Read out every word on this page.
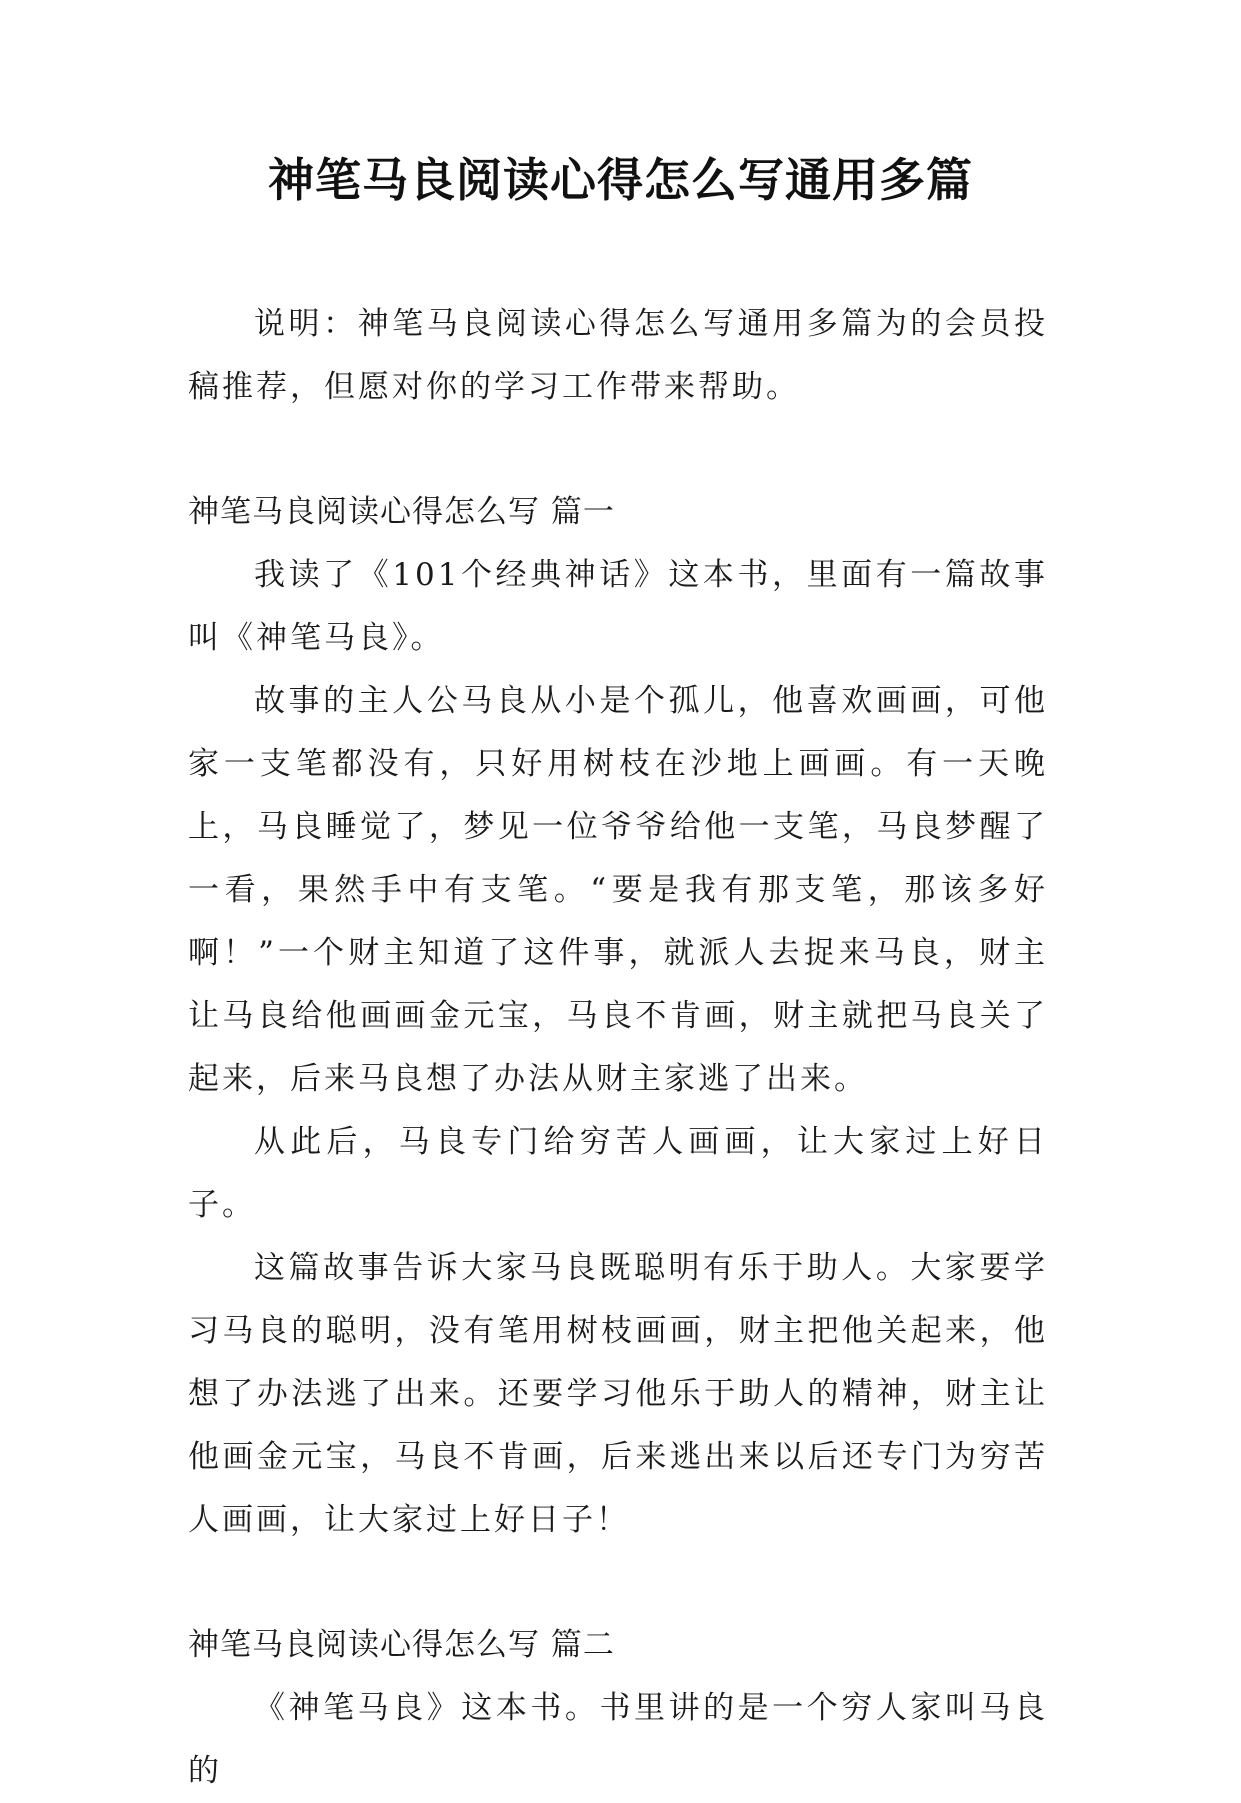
神笔马良阅读心得怎么写通用多篇

说明：神笔马良阅读心得怎么写通用多篇为的会员投稿推荐，但愿对你的学习工作带来帮助。

神笔马良阅读心得怎么写 篇一

我读了《101个经典神话》这本书，里面有一篇故事叫《神笔马良》。

故事的主人公马良从小是个孤儿，他喜欢画画，可他家一支笔都没有，只好用树枝在沙地上画画。有一天晚上，马良睡觉了，梦见一位爷爷给他一支笔，马良梦醒了一看，果然手中有支笔。“要是我有那支笔，那该多好啊！”一个财主知道了这件事，就派人去捉来马良，财主让马良给他画画金元宝，马良不肯画，财主就把马良关了起来，后来马良想了办法从财主家逃了出来。

从此后，马良专门给穷苦人画画，让大家过上好日子。

这篇故事告诉大家马良既聪明有乐于助人。大家要学习马良的聪明，没有笔用树枝画画，财主把他关起来，他想了办法逃了出来。还要学习他乐于助人的精神，财主让他画金元宝，马良不肯画，后来逃出来以后还专门为穷苦人画画，让大家过上好日子！

神笔马良阅读心得怎么写 篇二

《神笔马良》这本书。书里讲的是一个穷人家叫马良的
